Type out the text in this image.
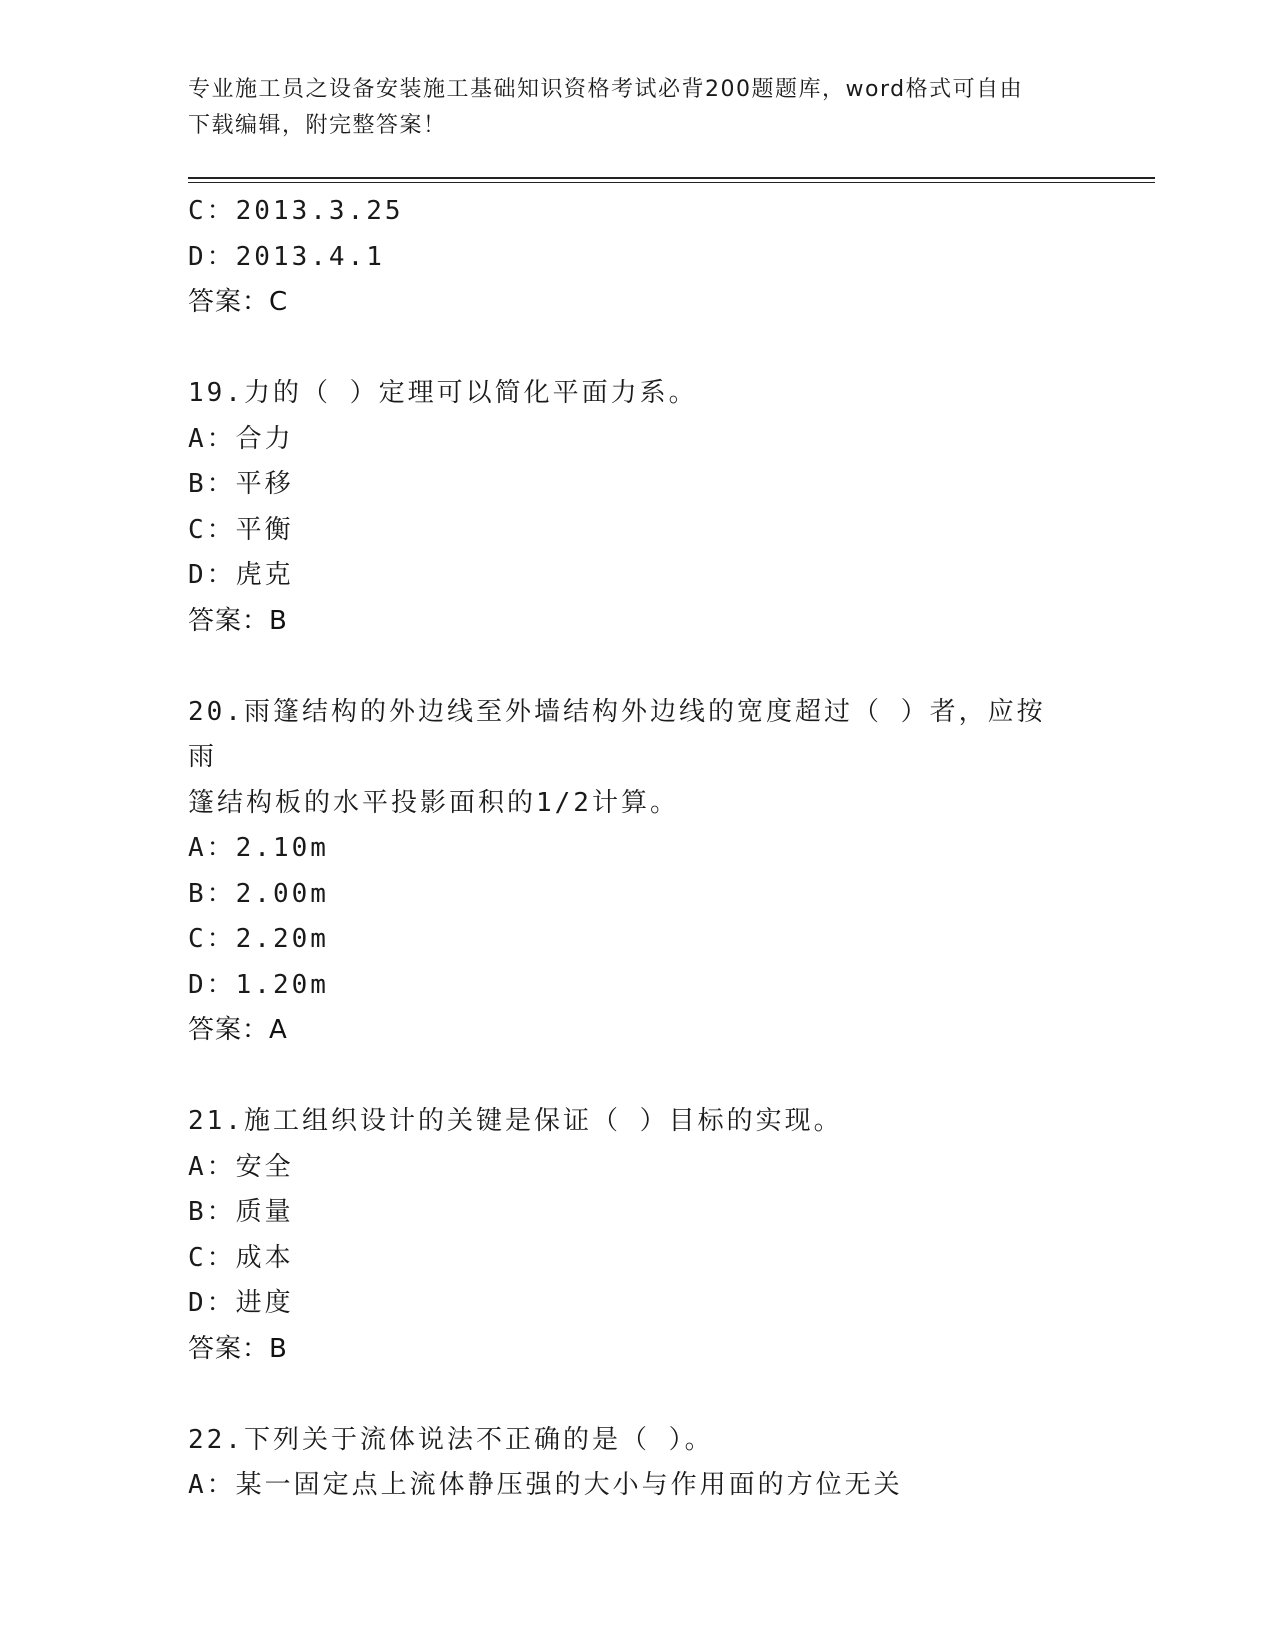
专业施工员之设备安装施工基础知识资格考试必背200题题库，word格式可自由
下载编辑，附完整答案！
C：2013.3.25
D：2013.4.1
答案：C
19.力的（ ）定理可以简化平面力系。
A：合力
B：平移
C：平衡
D：虎克
答案：B
20.雨篷结构的外边线至外墙结构外边线的宽度超过（ ）者，应按雨
篷结构板的水平投影面积的1/2计算。
A：2.10m
B：2.00m
C：2.20m
D：1.20m
答案：A
21.施工组织设计的关键是保证（ ）目标的实现。
A：安全
B：质量
C：成本
D：进度
答案：B
22.下列关于流体说法不正确的是（ ）。
A：某一固定点上流体静压强的大小与作用面的方位无关
